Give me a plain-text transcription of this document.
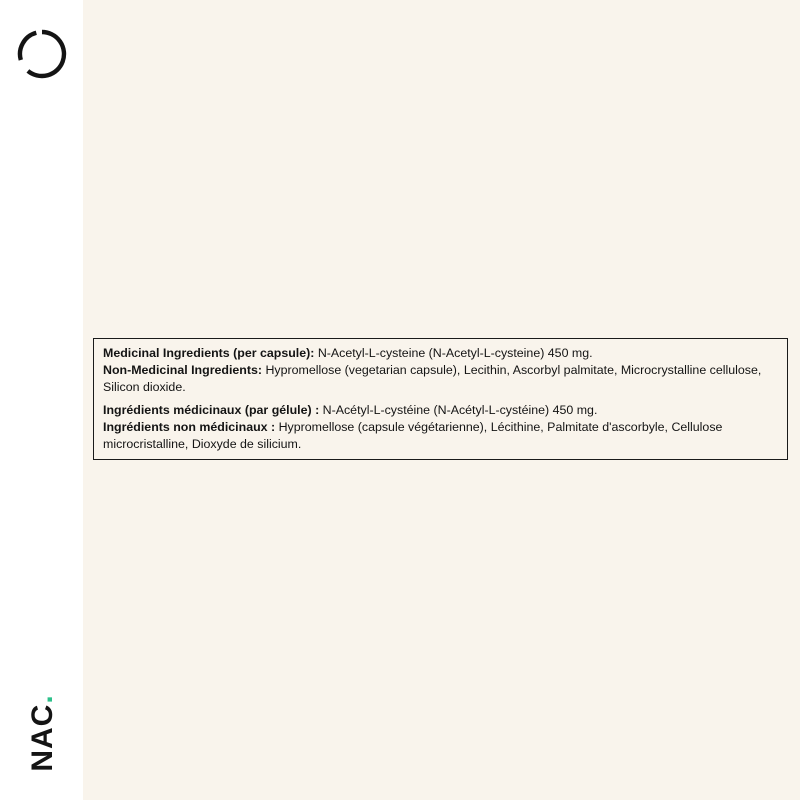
NAC.

Medicinal Ingredients (per capsule): N-Acetyl-L-cysteine (N-Acetyl-L-cysteine) 450 mg.

Non-Medicinal Ingredients: Hypromellose (vegetarian capsule), Lecithin, Ascorbyl palmitate, Microcrystalline cellulose, Silicon dioxide.

Ingrédients médicinaux (par gélule) : N-Acétyl-L-cystéine (N-Acétyl-L-cystéine) 450 mg.

Ingrédients non médicinaux : Hypromellose (capsule végétarienne), Lécithine, Palmitate d'ascorbyle, Cellulose microcristalline, Dioxyde de silicium.
